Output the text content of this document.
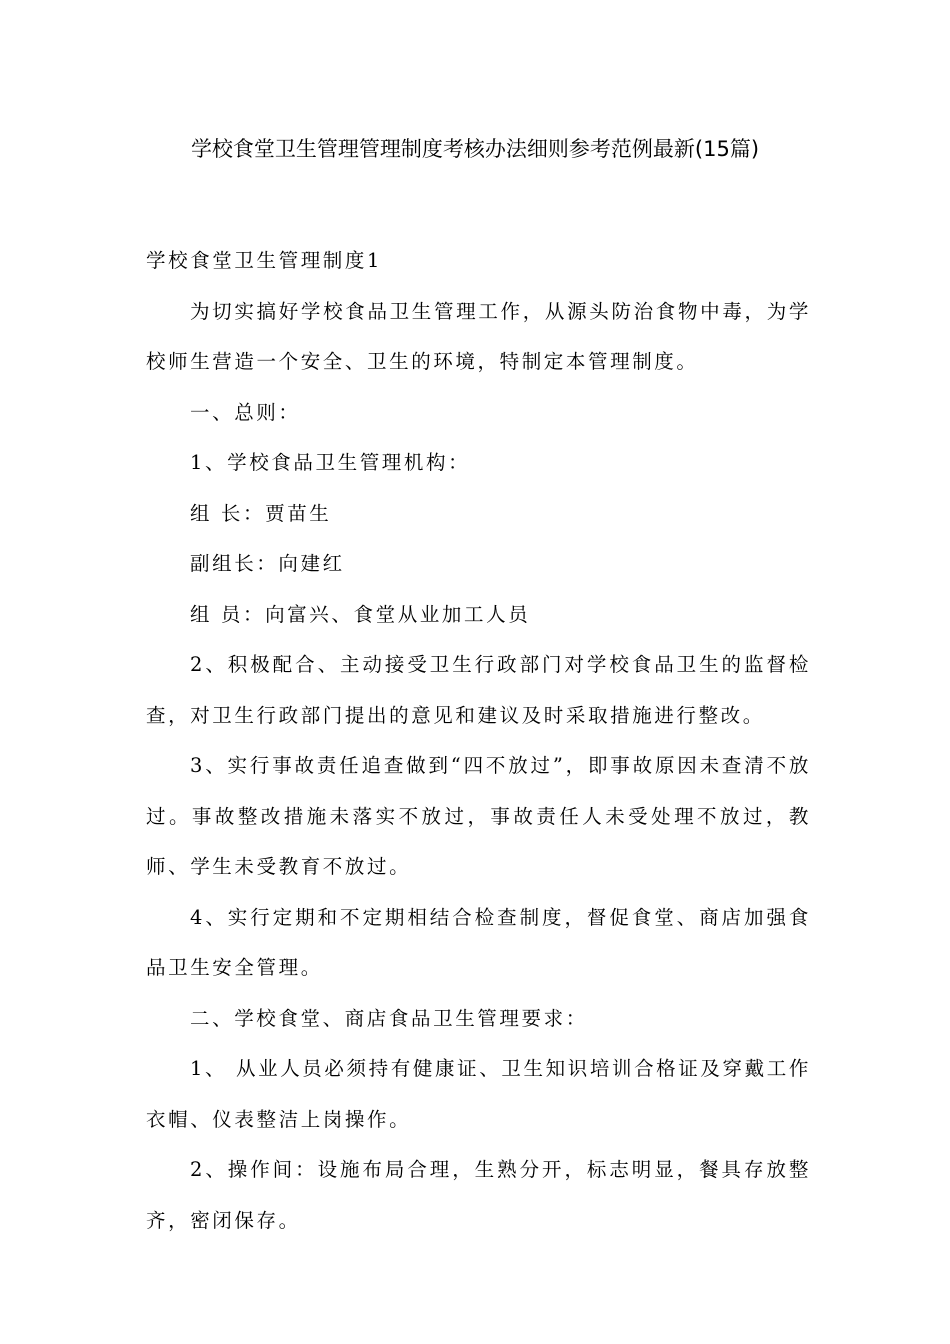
学校食堂卫生管理管理制度考核办法细则参考范例最新(15篇)

学校食堂卫生管理制度1

为切实搞好学校食品卫生管理工作，从源头防治食物中毒，为学校师生营造一个安全、卫生的环境，特制定本管理制度。

一、总则：

1、学校食品卫生管理机构：

组 长：贾苗生

副组长：向建红

组 员：向富兴、食堂从业加工人员

2、积极配合、主动接受卫生行政部门对学校食品卫生的监督检查，对卫生行政部门提出的意见和建议及时采取措施进行整改。

3、实行事故责任追查做到“四不放过”，即事故原因未查清不放过。事故整改措施未落实不放过，事故责任人未受处理不放过，教师、学生未受教育不放过。

4、实行定期和不定期相结合检查制度，督促食堂、商店加强食品卫生安全管理。

二、学校食堂、商店食品卫生管理要求：

1、 从业人员必须持有健康证、卫生知识培训合格证及穿戴工作衣帽、仪表整洁上岗操作。

2、操作间：设施布局合理，生熟分开，标志明显，餐具存放整齐，密闭保存。
